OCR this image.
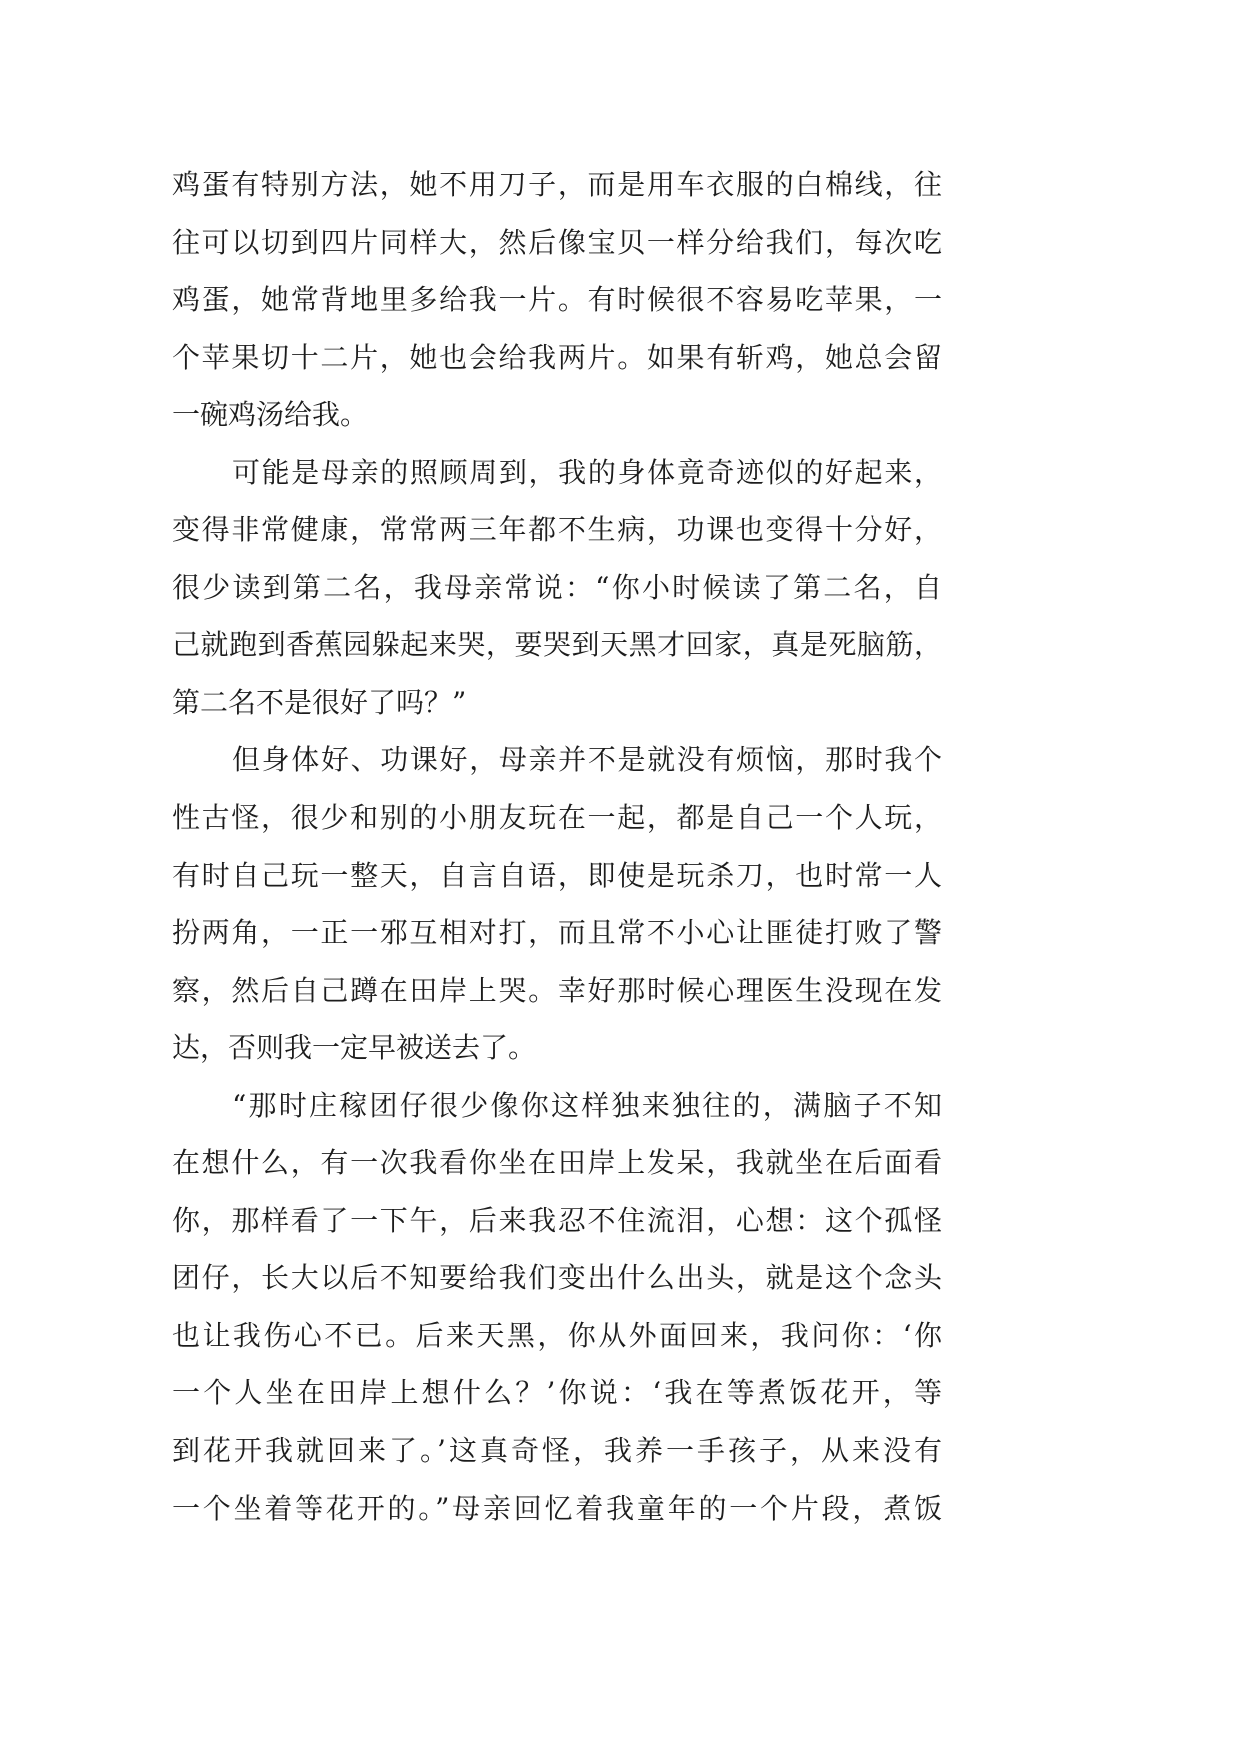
鸡蛋有特别方法，她不用刀子，而是用车衣服的白棉线，往
往可以切到四片同样大，然后像宝贝一样分给我们，每次吃
鸡蛋，她常背地里多给我一片。有时候很不容易吃苹果，一
个苹果切十二片，她也会给我两片。如果有斩鸡，她总会留
一碗鸡汤给我。
可能是母亲的照顾周到，我的身体竟奇迹似的好起来，
变得非常健康，常常两三年都不生病，功课也变得十分好，
很少读到第二名，我母亲常说：“你小时候读了第二名，自
己就跑到香蕉园躲起来哭，要哭到天黑才回家，真是死脑筋，
第二名不是很好了吗？”
但身体好、功课好，母亲并不是就没有烦恼，那时我个
性古怪，很少和别的小朋友玩在一起，都是自己一个人玩，
有时自己玩一整天，自言自语，即使是玩杀刀，也时常一人
扮两角，一正一邪互相对打，而且常不小心让匪徒打败了警
察，然后自己蹲在田岸上哭。幸好那时候心理医生没现在发
达，否则我一定早被送去了。
“那时庄稼团仔很少像你这样独来独往的，满脑子不知
在想什么，有一次我看你坐在田岸上发呆，我就坐在后面看
你，那样看了一下午，后来我忍不住流泪，心想：这个孤怪
团仔，长大以后不知要给我们变出什么出头，就是这个念头
也让我伤心不已。后来天黑，你从外面回来，我问你：‘你
一个人坐在田岸上想什么？’你说：‘我在等煮饭花开，等
到花开我就回来了。’这真奇怪，我养一手孩子，从来没有
一个坐着等花开的。”母亲回忆着我童年的一个片段，煮饭
